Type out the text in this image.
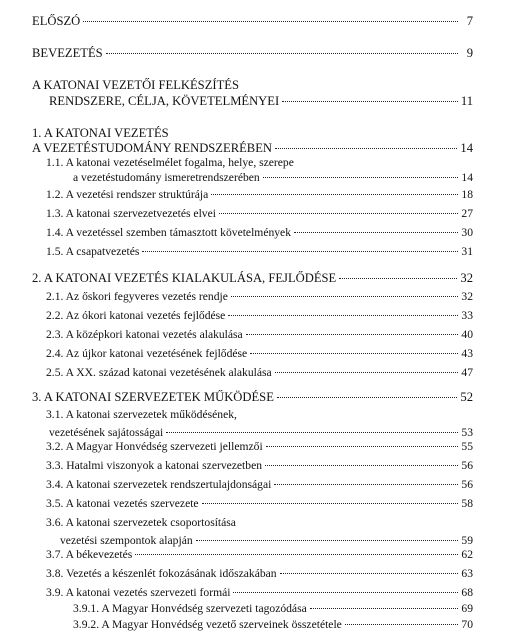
ELŐSZÓ	7
BEVEZETÉS	9
A KATONAI VEZETŐI FELKÉSZÍTÉS
RENDSZERE, CÉLJA, KÖVETELMÉNYEI	11
1. A KATONAI VEZETÉS
A VEZETÉSTUDOMÁNY RENDSZERÉBEN	14
1.1. A katonai vezetéselmélet fogalma, helye, szerepe
a vezetéstudomány ismeretrendszerében	14
1.2. A vezetési rendszer struktúrája	18
1.3. A katonai szervezetvezetés elvei	27
1.4. A vezetéssel szemben támasztott követelmények	30
1.5. A csapatvezetés	31
2. A KATONAI VEZETÉS KIALAKULÁSA, FEJLŐDÉSE	32
2.1. Az őskori fegyveres vezetés rendje	32
2.2. Az ókori katonai vezetés fejlődése	33
2.3. A középkori katonai vezetés alakulása	40
2.4. Az újkor katonai vezetésének fejlődése	43
2.5. A XX. század katonai vezetésének alakulása	47
3. A KATONAI SZERVEZETEK MŰKÖDÉSE	52
3.1. A katonai szervezetek működésének,
vezetésének sajátosságai	53
3.2. A Magyar Honvédség szervezeti jellemzői	55
3.3. Hatalmi viszonyok a katonai szervezetben	56
3.4. A katonai szervezetek rendszertulajdonságai	56
3.5. A katonai vezetés szervezete	58
3.6. A katonai szervezetek csoportosítása
vezetési szempontok alapján	59
3.7. A békevezetés	62
3.8. Vezetés a készenlét fokozásának időszakában	63
3.9. A katonai vezetés szervezeti formái	68
3.9.1. A Magyar Honvédség szervezeti tagozódása	69
3.9.2. A Magyar Honvédség vezető szerveinek összetétele	70
